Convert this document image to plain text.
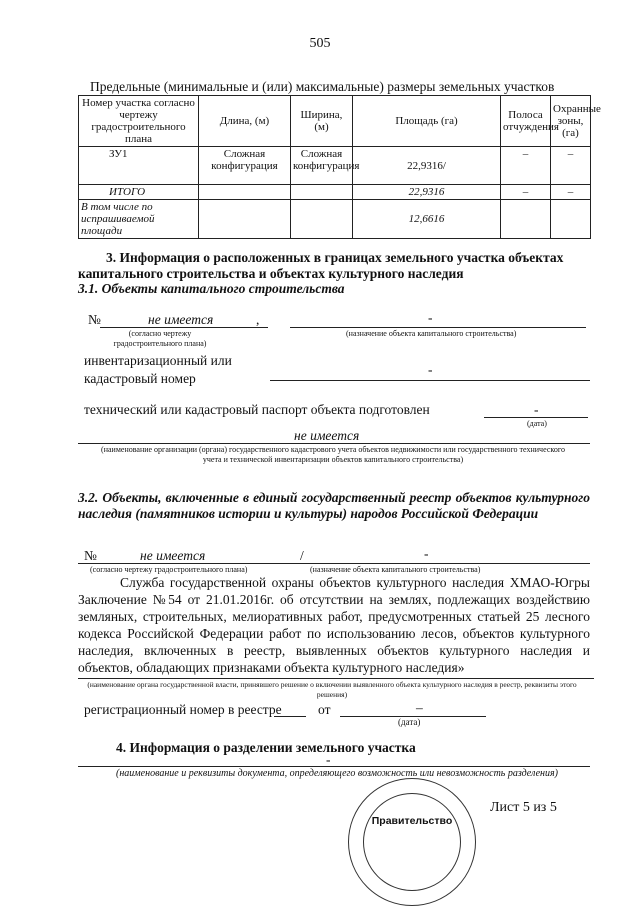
505
Предельные (минимальные и (или) максимальные) размеры земельных участков
Номер участка согласно чертежу градостроительного плана	Длина, (м)	Ширина, (м)	Площадь (га)	Полоса отчуждения	Охранные зоны, (га)
ЗУ1	Сложная конфигурация	Сложная конфигурация	22,9316/	–	–
ИТОГО			22,9316	–	–
В том числе по испрашиваемой площади			12,6616		
3. Информация о расположенных в границах земельного участка объектах капитального строительства и объектах культурного наследия
3.1. Объекты капитального строительства
№	не имеется	,	-
(согласно чертежу градостроительного плана)
(назначение объекта капитального строительства)
инвентаризационный или кадастровый номер
-
технический или кадастровый паспорт объекта подготовлен	-
(дата)
не имеется
(наименование организации (органа) государственного кадастрового учета объектов недвижимости или государственного технического учета и технической инвентаризации объектов капитального строительства)
3.2. Объекты, включенные в единый государственный реестр объектов культурного наследия (памятников истории и культуры) народов Российской Федерации
№	не имеется	/	-
(согласно чертежу градостроительного плана)	(назначение объекта капитального строительства)
Служба государственной охраны объектов культурного наследия ХМАО-Югры Заключение №54 от 21.01.2016г. об отсутствии на землях, подлежащих воздействию земляных, строительных, мелиоративных работ, предусмотренных статьей 25 лесного кодекса Российской Федерации работ по использованию лесов, объектов культурного наследия, включенных в реестр, выявленных объектов культурного наследия и объектов, обладающих признаками объекта культурного наследия»
(наименование органа государственной власти, принявшего решение о включении выявленного объекта культурного наследия в реестр, реквизиты этого решения)
регистрационный номер в реестре	от	–
(дата)
4. Информация о разделении земельного участка
-
(наименование и реквизиты документа, определяющего возможность или невозможность разделения)
Правительство
Лист 5 из 5
